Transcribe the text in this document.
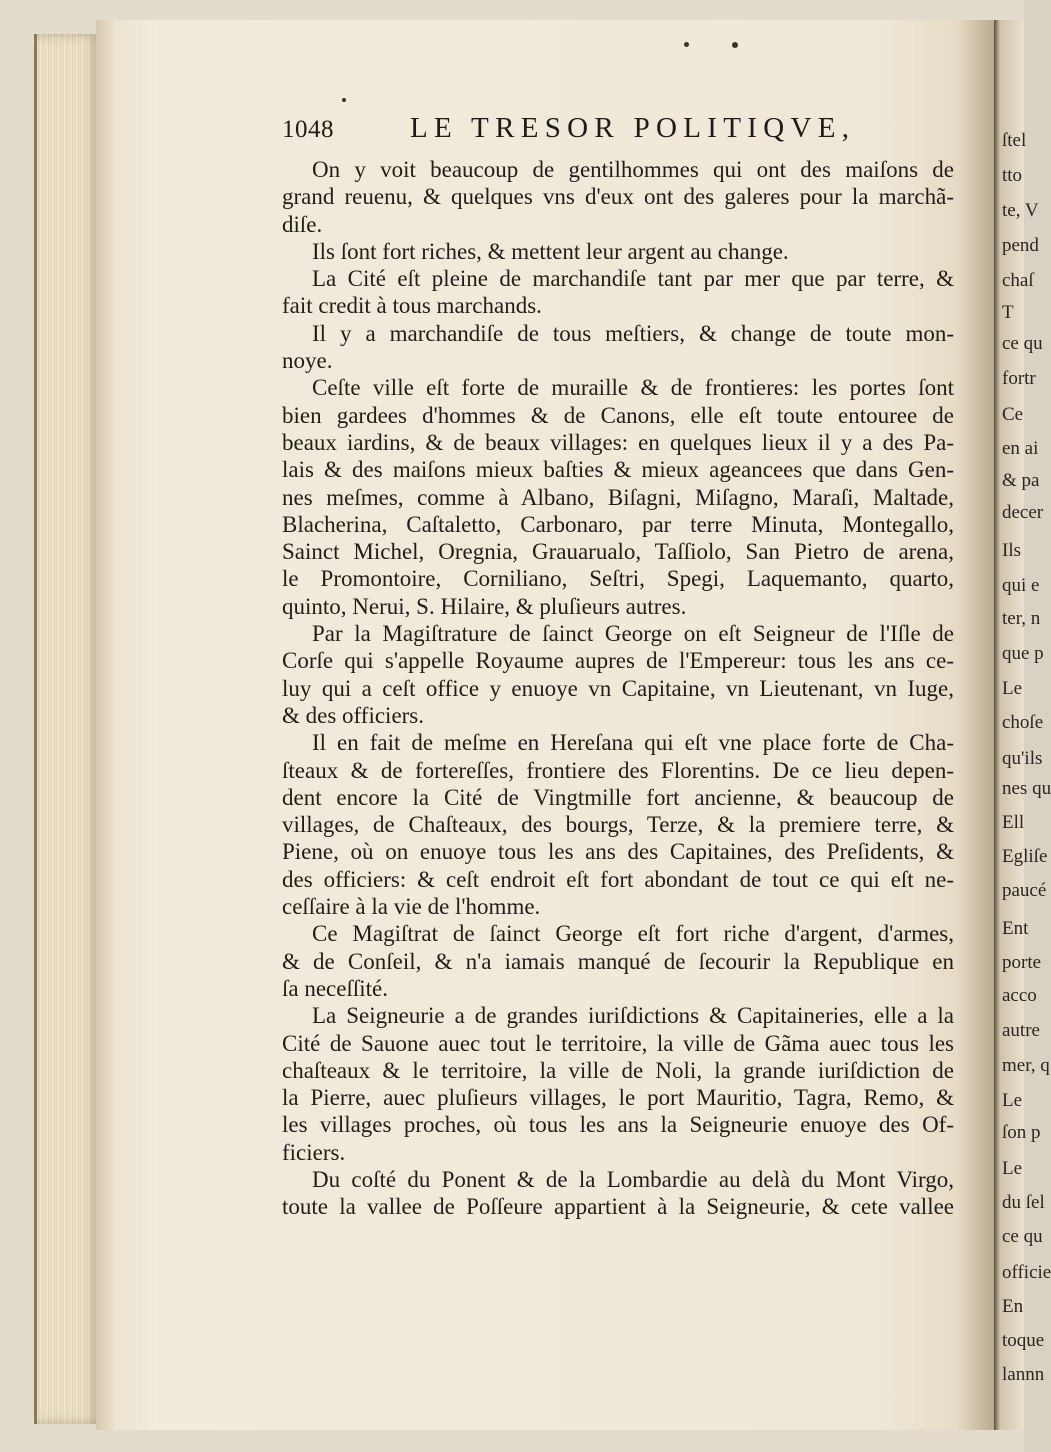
ſtel
tto
te, V
pend
chaſ
T
ce qu
fortr
Ce
en ai
& pa
decer
Ils
qui e
ter, n
que p
Le
choſe
qu'ils
nes qu
Ell
Egliſe
paucé
Ent
porte
acco
autre
mer, q
Le
ſon p
Le
du ſel
ce qu
officie
En
toque
lannn
1048	LE TRESOR POLITIQVE,
On y voit beaucoup de gentilhommes qui ont des maiſons de
grand reuenu, & quelques vns d'eux ont des galeres pour la marchã-
diſe.
Ils ſont fort riches, & mettent leur argent au change.
La Cité eſt pleine de marchandiſe tant par mer que par terre, &
fait credit à tous marchands.
Il y a marchandiſe de tous meſtiers, & change de toute mon-
noye.
Ceſte ville eſt forte de muraille & de frontieres: les portes ſont
bien gardees d'hommes & de Canons, elle eſt toute entouree de
beaux iardins, & de beaux villages: en quelques lieux il y a des Pa-
lais & des maiſons mieux baſties & mieux ageancees que dans Gen-
nes meſmes, comme à Albano, Biſagni, Miſagno, Maraſi, Maltade,
Blacherina, Caſtaletto, Carbonaro, par terre Minuta, Montegallo,
Sainct Michel, Oregnia, Grauarualo, Taſſiolo, San Pietro de arena,
le Promontoire, Corniliano, Seſtri, Spegi, Laquemanto, quarto,
quinto, Nerui, S. Hilaire, & pluſieurs autres.
Par la Magiſtrature de ſainct George on eſt Seigneur de l'Iſle de
Corſe qui s'appelle Royaume aupres de l'Empereur: tous les ans ce-
luy qui a ceſt office y enuoye vn Capitaine, vn Lieutenant, vn Iuge,
& des officiers.
Il en fait de meſme en Hereſana qui eſt vne place forte de Cha-
ſteaux & de fortereſſes, frontiere des Florentins. De ce lieu depen-
dent encore la Cité de Vingtmille fort ancienne, & beaucoup de
villages, de Chaſteaux, des bourgs, Terze, & la premiere terre, &
Piene, où on enuoye tous les ans des Capitaines, des Preſidents, &
des officiers: & ceſt endroit eſt fort abondant de tout ce qui eſt ne-
ceſſaire à la vie de l'homme.
Ce Magiſtrat de ſainct George eſt fort riche d'argent, d'armes,
& de Conſeil, & n'a iamais manqué de ſecourir la Republique en
ſa neceſſité.
La Seigneurie a de grandes iuriſdictions & Capitaineries, elle a la
Cité de Sauone auec tout le territoire, la ville de Gãma auec tous les
chaſteaux & le territoire, la ville de Noli, la grande iuriſdiction de
la Pierre, auec pluſieurs villages, le port Mauritio, Tagra, Remo, &
les villages proches, où tous les ans la Seigneurie enuoye des Of-
ficiers.
Du coſté du Ponent & de la Lombardie au delà du Mont Virgo,
toute la vallee de Poſſeure appartient à la Seigneurie, & cete vallee
